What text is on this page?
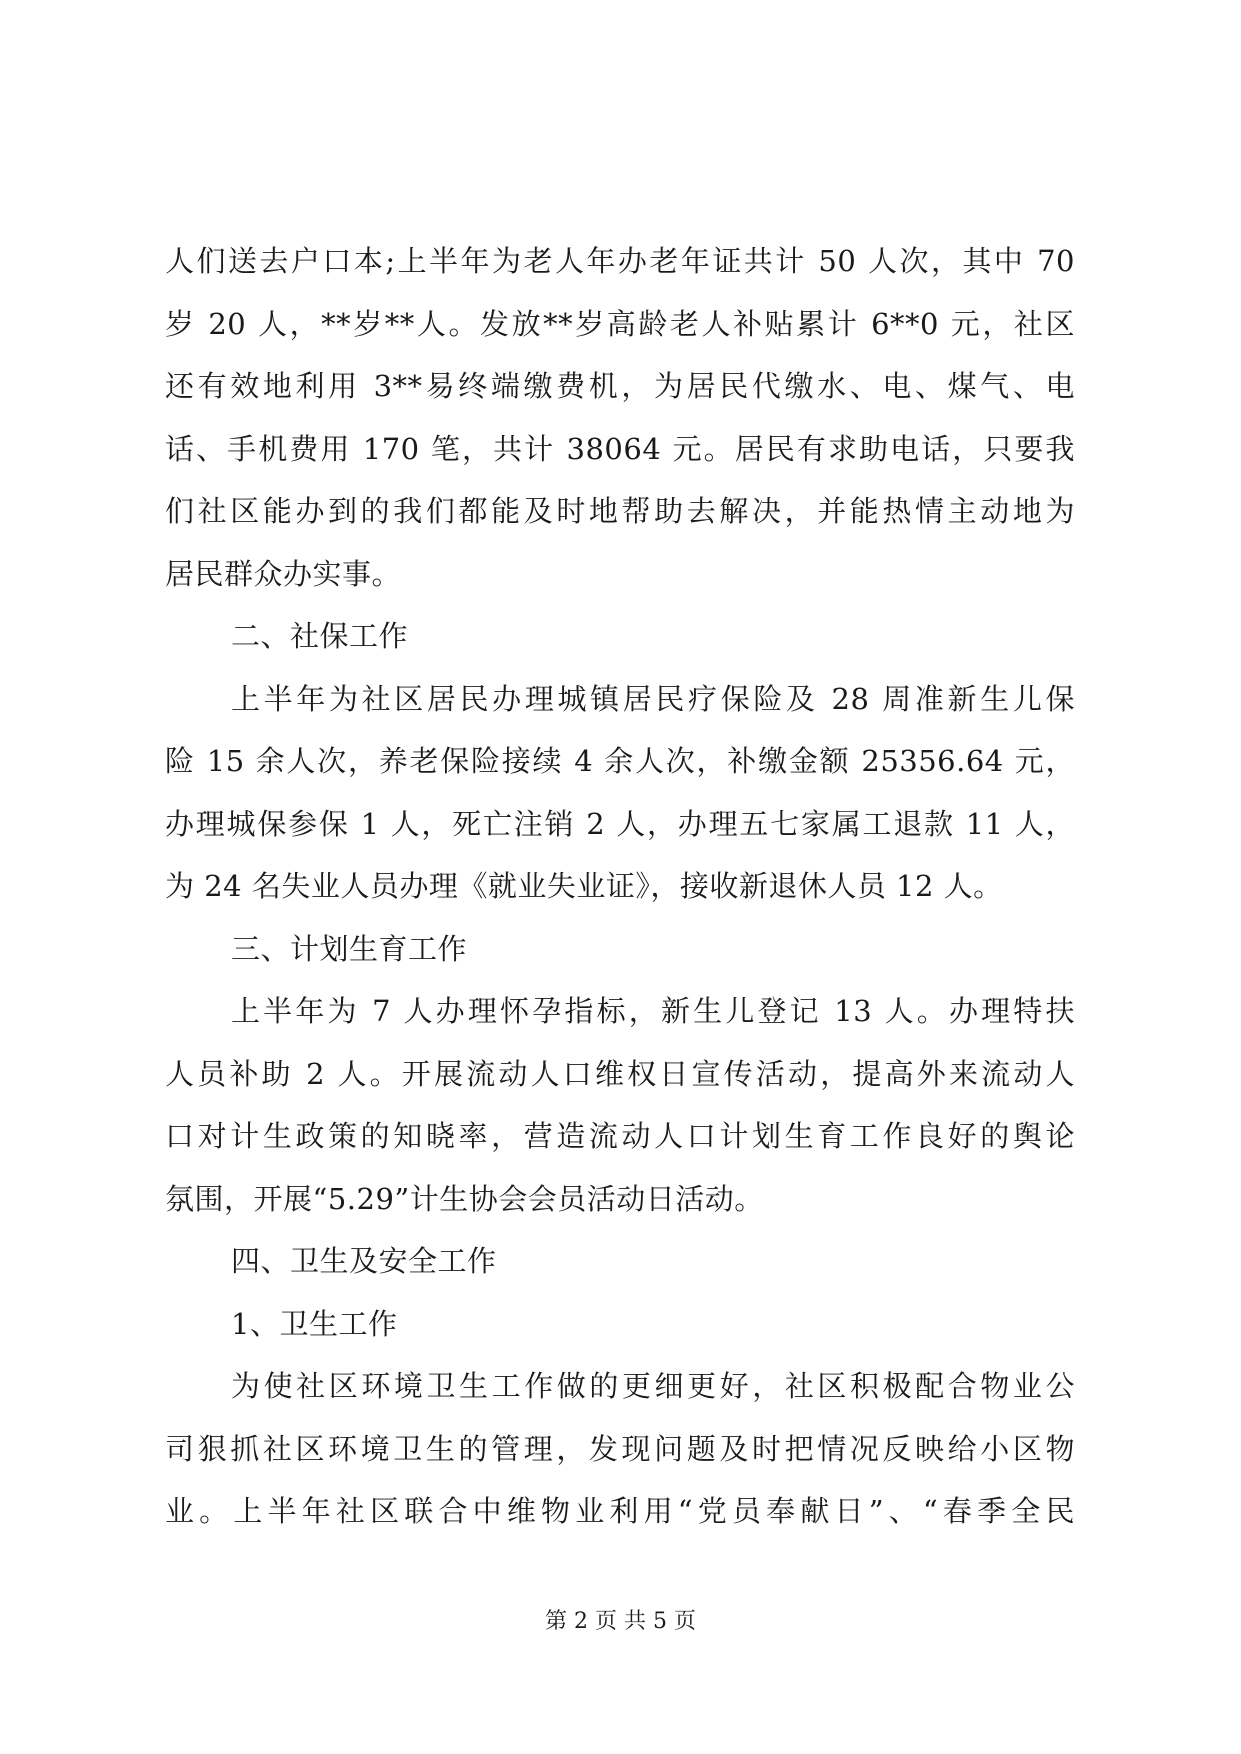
人们送去户口本;上半年为老人年办老年证共计 50 人次，其中 70
岁 20 人，**岁**人。发放**岁高龄老人补贴累计 6**0 元，社区
还有效地利用 3**易终端缴费机，为居民代缴水、电、煤气、电
话、手机费用 170 笔，共计 38064 元。居民有求助电话，只要我
们社区能办到的我们都能及时地帮助去解决，并能热情主动地为
居民群众办实事。
二、社保工作
上半年为社区居民办理城镇居民疗保险及 28 周准新生儿保
险 15 余人次，养老保险接续 4 余人次，补缴金额 25356.64 元，
办理城保参保 1 人，死亡注销 2 人，办理五七家属工退款 11 人，
为 24 名失业人员办理《就业失业证》，接收新退休人员 12 人。
三、计划生育工作
上半年为 7 人办理怀孕指标，新生儿登记 13 人。办理特扶
人员补助 2 人。开展流动人口维权日宣传活动，提高外来流动人
口对计生政策的知晓率，营造流动人口计划生育工作良好的舆论
氛围，开展“5.29”计生协会会员活动日活动。
四、卫生及安全工作
1、卫生工作
为使社区环境卫生工作做的更细更好，社区积极配合物业公
司狠抓社区环境卫生的管理，发现问题及时把情况反映给小区物
业。上半年社区联合中维物业利用“党员奉献日”、“春季全民
第 2 页 共 5 页
